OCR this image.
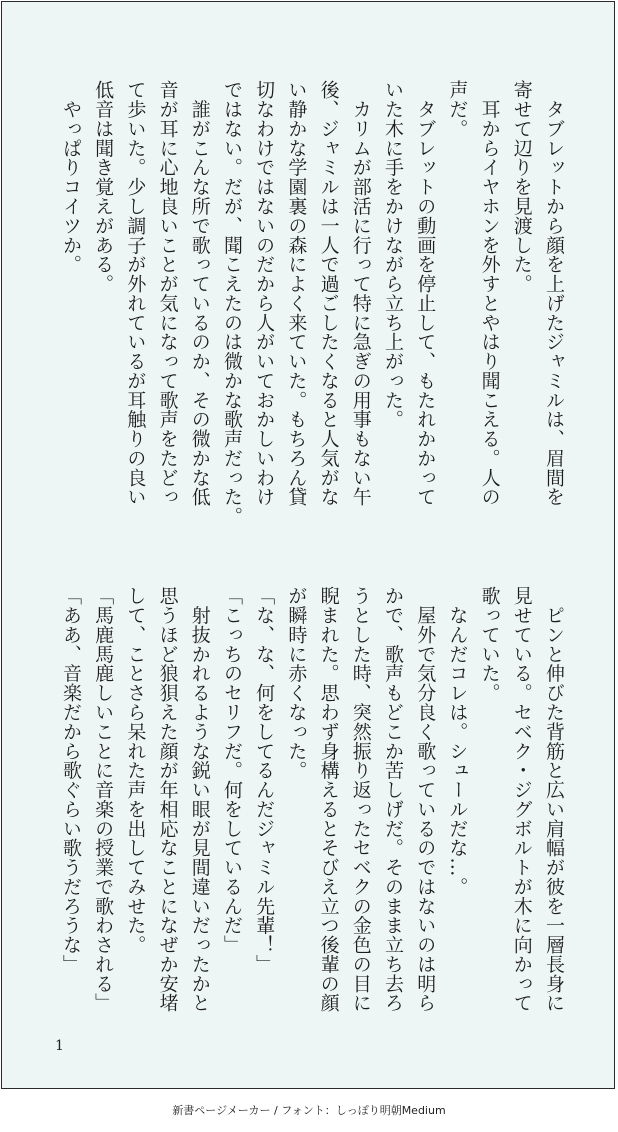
　タブレットから顔を上げたジャミルは、眉間を

寄せて辺りを見渡した。

　耳からイヤホンを外すとやはり聞こえる。人の

声だ。

　タブレットの動画を停止して、もたれかかって

いた木に手をかけながら立ち上がった。

　カリムが部活に行って特に急ぎの用事もない午

後、ジャミルは一人で過ごしたくなると人気がな

い静かな学園裏の森によく来ていた。もちろん貸

切なわけではないのだから人がいておかしいわけ

ではない。だが、聞こえたのは微かな歌声だった。

　誰がこんな所で歌っているのか、その微かな低

音が耳に心地良いことが気になって歌声をたどっ

て歩いた。少し調子が外れているが耳触りの良い

低音は聞き覚えがある。

　やっぱりコイツか。

　ピンと伸びた背筋と広い肩幅が彼を一層長身に

見せている。セベク・ジグボルトが木に向かって

歌っていた。

　なんだコレは。シュールだな…。

　屋外で気分良く歌っているのではないのは明ら

かで、歌声もどこか苦しげだ。そのまま立ち去ろ

うとした時、突然振り返ったセベクの金色の目に

睨まれた。思わず身構えるとそびえ立つ後輩の顔

が瞬時に赤くなった。

「な、な、何をしてるんだジャミル先輩！」

「こっちのセリフだ。何をしているんだ」

　射抜かれるような鋭い眼が見間違いだったかと

思うほど狼狽えた顔が年相応なことになぜか安堵

して、ことさら呆れた声を出してみせた。

「馬鹿馬鹿しいことに音楽の授業で歌わされる」

「ああ、音楽だから歌ぐらい歌うだろうな」

1
新書ページメーカー / フォント：しっぽり明朝Medium
